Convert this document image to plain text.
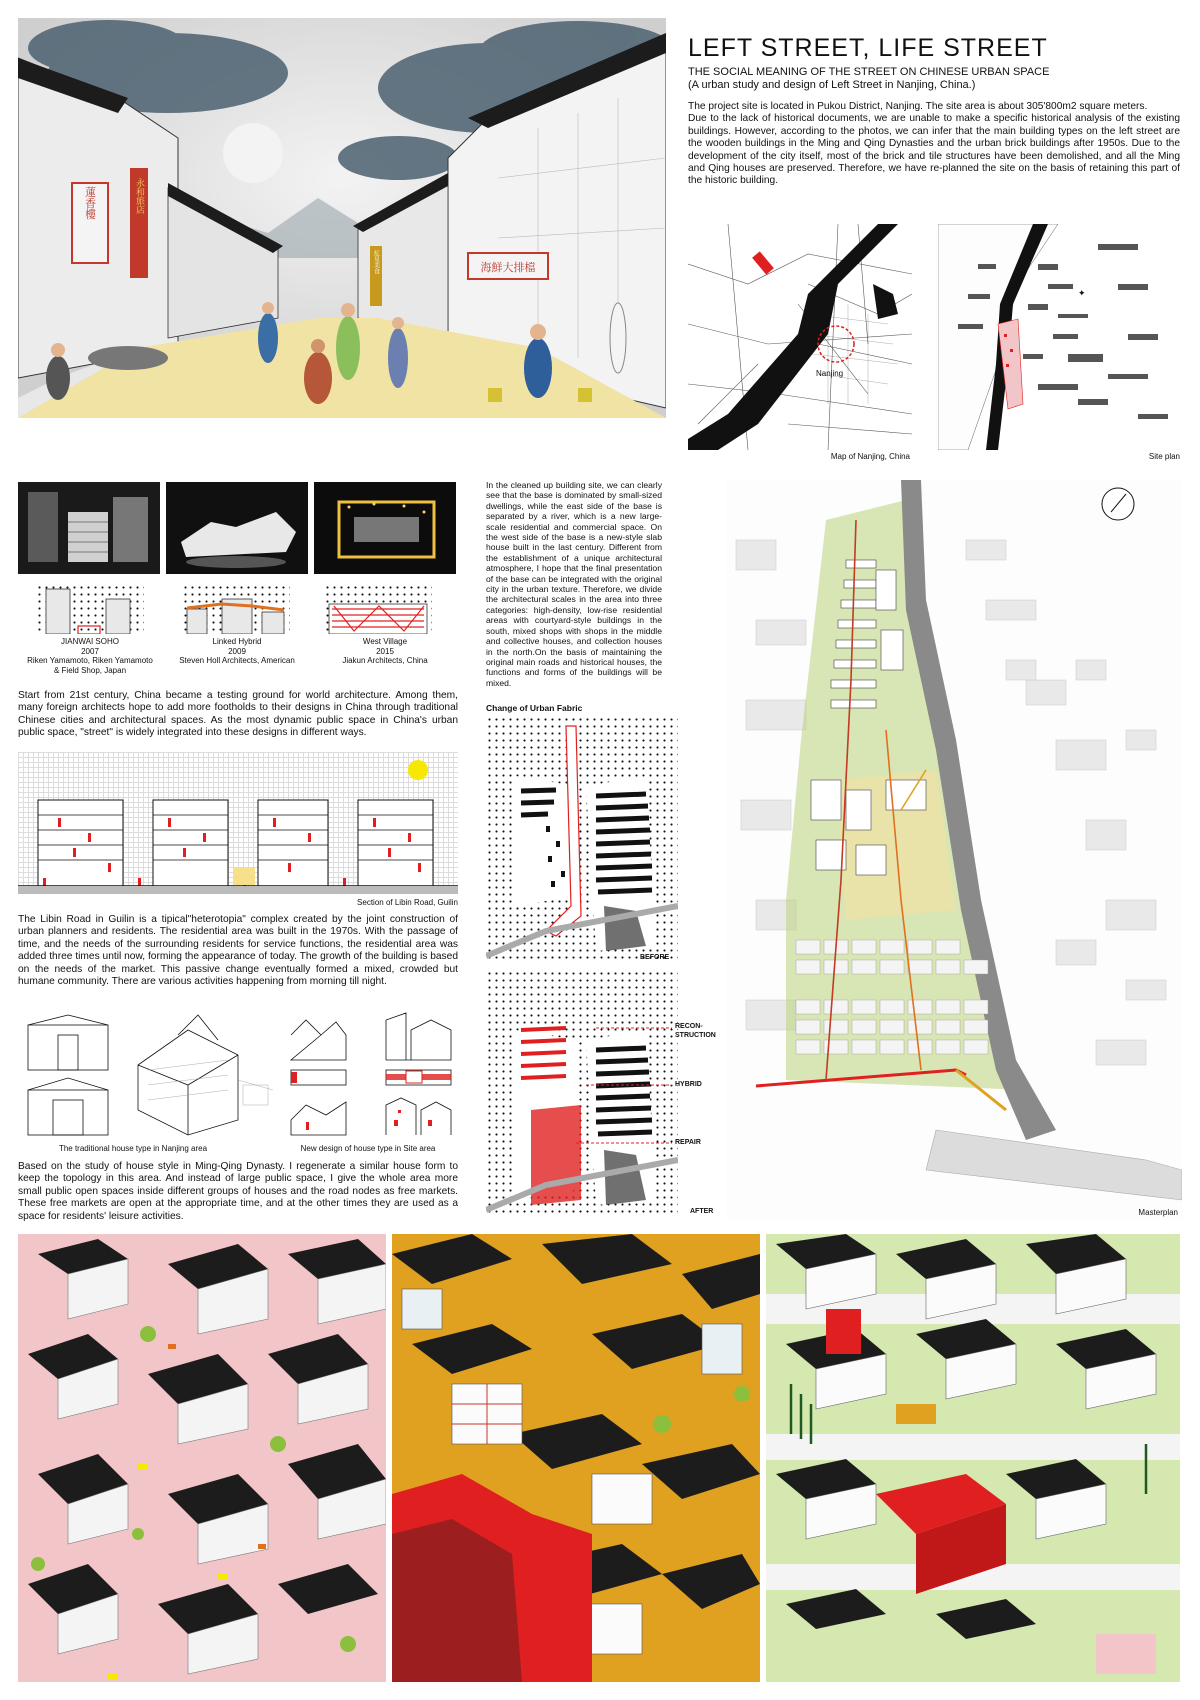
蓮香樓	永和旅店
海鮮大排檔
紅星美食
LEFT STREET, LIFE STREET
THE SOCIAL MEANING OF THE STREET ON CHINESE URBAN SPACE
(A urban study and design of Left Street in Nanjing, China.)
The project site is located in Pukou District, Nanjing. The site area is about 305'800m2 square meters.
Due to the lack of historical documents, we are unable to make a specific historical analysis of the existing buildings. However, according to the photos, we can infer that the main building types on the left street are the wooden buildings in the Ming and Qing Dynasties and the urban brick buildings after 1950s. Due to the development of the city itself, most of the brick and tile structures have been demolished, and all the Ming and Qing houses are preserved. Therefore, we have re-planned the site on the basis of retaining this part of the historic building.
Nanjing
Map of Nanjing, China
✦
Site plan
JIANWAI SOHO
2007
Riken Yamamoto, Riken Yamamoto
& Field Shop, Japan
Linked Hybrid
2009
Steven Holl Architects, American
West Village
2015
Jiakun Architects, China
Start from 21st century, China became a testing ground for world architecture. Among them, many foreign architects hope to add more footholds to their designs in China through traditional Chinese cities and architectural spaces. As the most dynamic public space in China's urban public space, "street" is widely integrated into these designs in different ways.
Section of Libin Road, Guilin
The Libin Road in Guilin is a tipical"heterotopia" complex created by the joint construction of urban planners and residents. The residential area was built in the 1970s. With the passage of time, and the needs of the surrounding residents for service functions, the residential area was added three times until now, forming the appearance of today. The growth of the building is based on the needs of the market. This passive change eventually formed a mixed, crowded but humane community. There are various activities happening from morning till night.
The traditional house type in Nanjing area	New design of house type in Site area
Based on the study of house style in Ming-Qing Dynasty. I regenerate a similar house form to keep the topology in this area. And instead of large public space, I give the whole area more small public open spaces inside different groups of houses and the road nodes as free markets. These free markets are open at the appropriate time, and at the other times they are used as a space for residents' leisure activities.
In the cleaned up building site, we can clearly see that the base is dominated by small-sized dwellings, while the east side of the base is separated by a river, which is a new large-scale residential and commercial space. On the west side of the base is a new-style slab house built in the last century. Different from the establishment of a unique architectural atmosphere, I hope that the final presentation of the base can be integrated with the original city in the urban texture. Therefore, we divide the architectural scales in the area into three categories: high-density, low-rise residential areas with courtyard-style buildings in the south, mixed shops with shops in the middle and collective houses, and collection houses in the north.On the basis of maintaining the original main roads and historical houses, the functions and forms of the buildings will be mixed.
Change of Urban Fabric
BEFORE
RECON-
STRUCTION
HYBRID
REPAIR
AFTER	Masterplan
